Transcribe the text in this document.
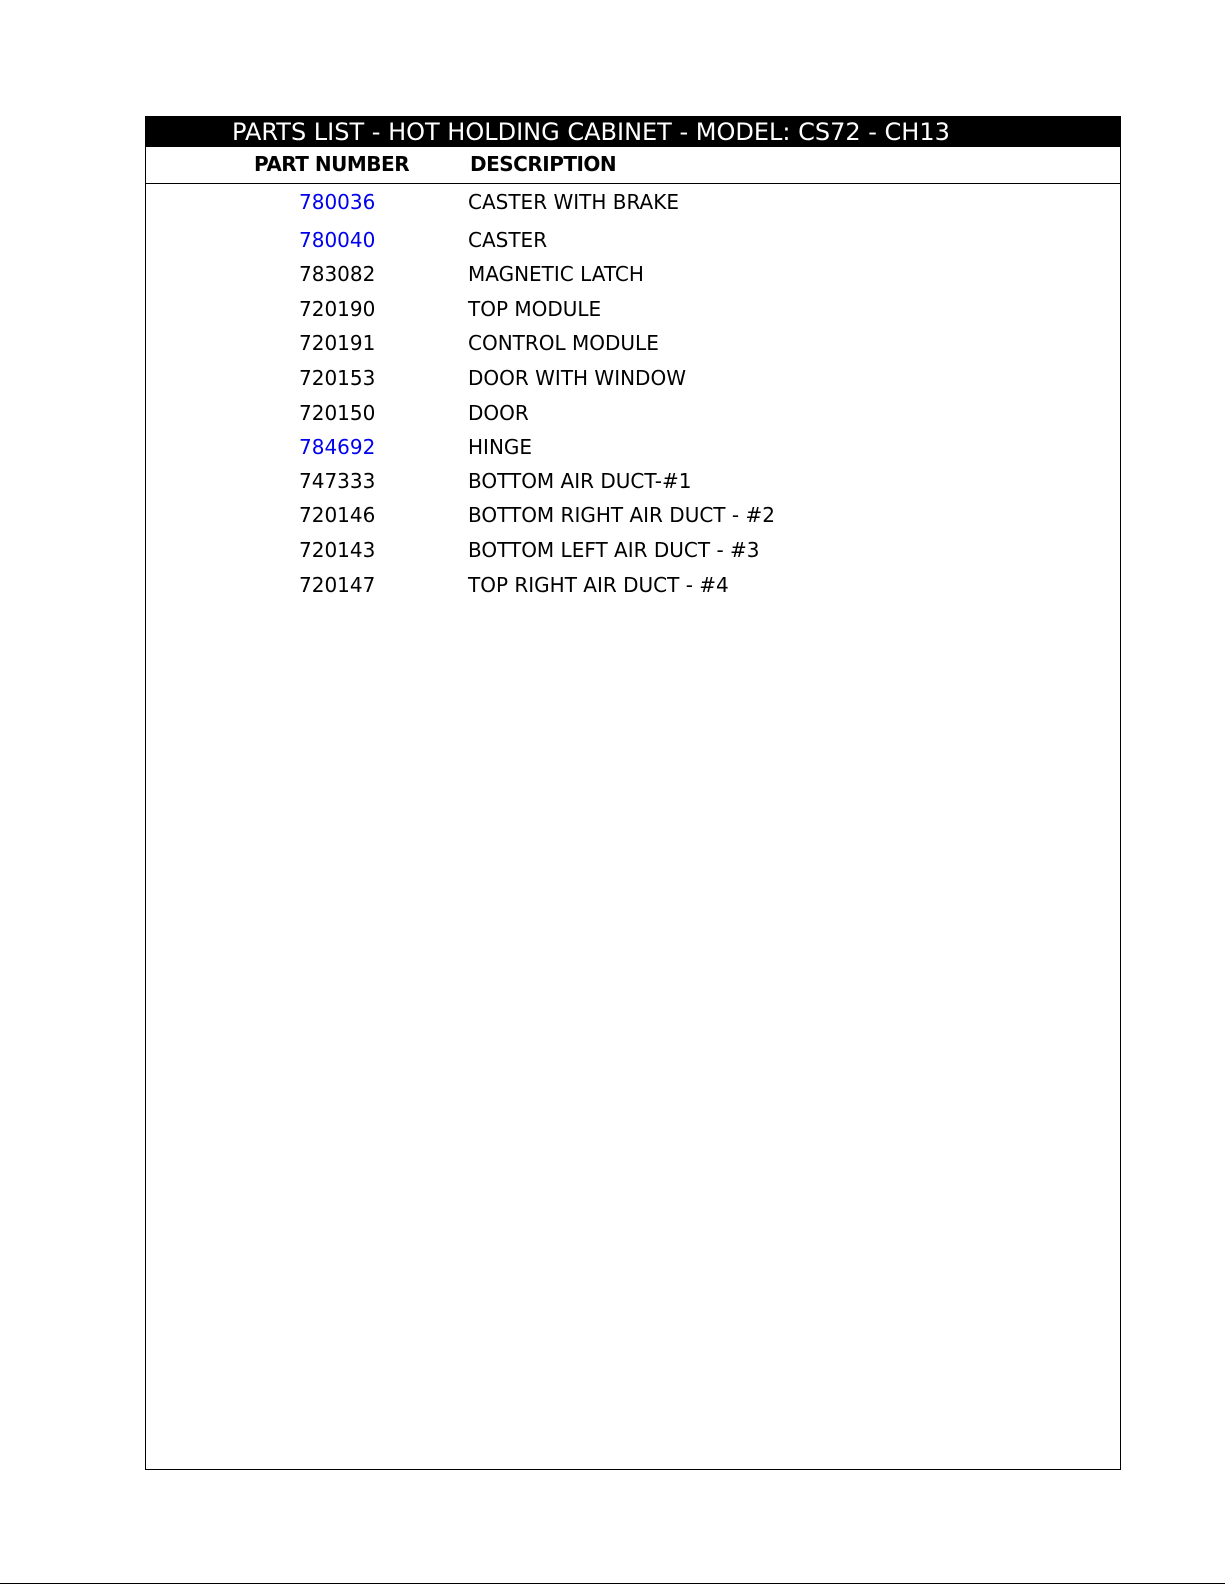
PARTS LIST - HOT HOLDING CABINET - MODEL: CS72 - CH13
PART NUMBER	DESCRIPTION
780036	CASTER WITH BRAKE
780040	CASTER
783082	MAGNETIC LATCH
720190	TOP MODULE
720191	CONTROL MODULE
720153	DOOR WITH WINDOW
720150	DOOR
784692	HINGE
747333	BOTTOM AIR DUCT-#1
720146	BOTTOM RIGHT AIR DUCT - #2
720143	BOTTOM LEFT AIR DUCT - #3
720147	TOP RIGHT AIR DUCT - #4
